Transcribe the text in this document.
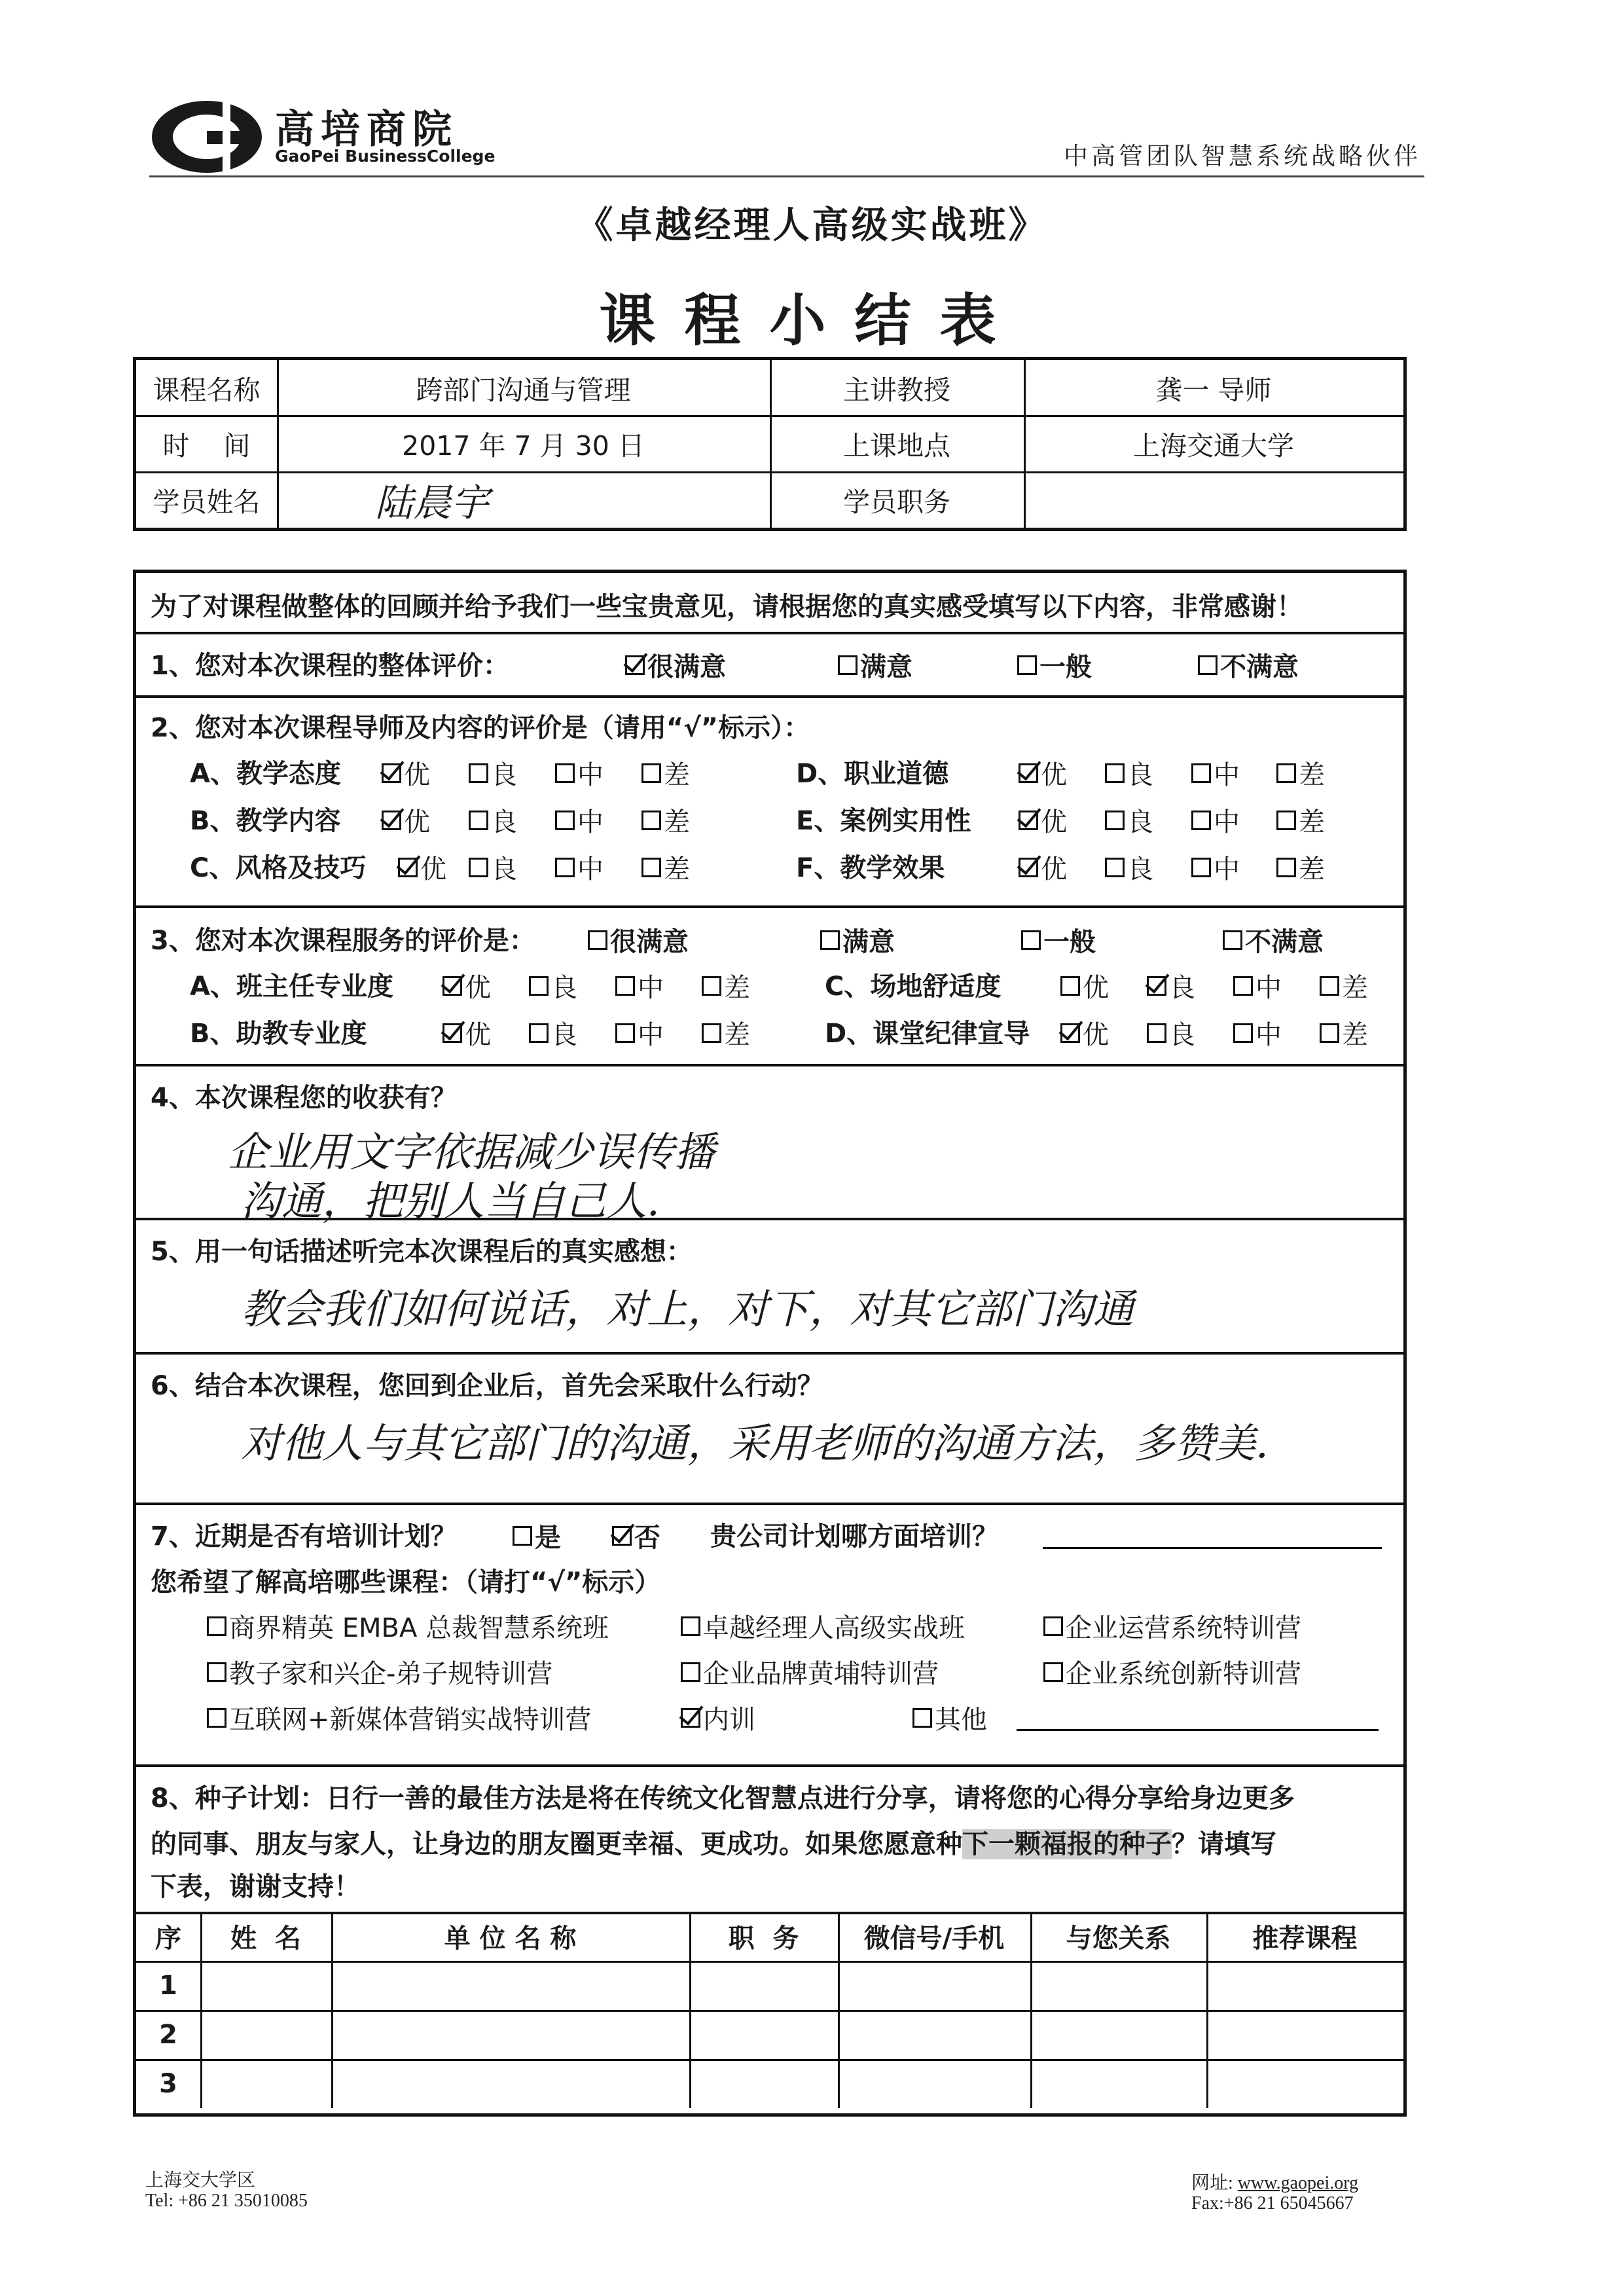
高培商院
GaoPei BusinessCollege	中高管团队智慧系统战略伙伴
《卓越经理人高级实战班》
课程小结表
课程名称	跨部门沟通与管理	主讲教授	龚一 导师
时    间	2017 年 7 月 30 日	上课地点	上海交通大学
学员姓名	陆晨宇	学员职务
为了对课程做整体的回顾并给予我们一些宝贵意见，请根据您的真实感受填写以下内容，非常感谢！
1、您对本次课程的整体评价：	很满意	满意	一般	不满意
2、您对本次课程导师及内容的评价是（请用“√”标示）：
A、教学态度 优 良 中 差	D、职业道德	优 良 中 差
B、教学内容 优 良 中 差	E、案例实用性	优 良 中 差
C、风格及技巧 优 良 中 差	F、教学效果	优 良 中 差
3、您对本次课程服务的评价是：	很满意	满意	一般	不满意
A、班主任专业度	优 良 中 差	C、场地舒适度	优 良 中 差
B、助教专业度	优 良 中 差	D、课堂纪律宣导 优 良 中 差
4、本次课程您的收获有？
企业用文字依据减少误传播
沟通，把别人当自己人.
5、用一句话描述听完本次课程后的真实感想：
教会我们如何说话，对上，对下，对其它部门沟通
6、结合本次课程，您回到企业后，首先会采取什么行动？
对他人与其它部门的沟通，采用老师的沟通方法，多赞美.
7、近期是否有培训计划？	是	否 贵公司计划哪方面培训？
您希望了解高培哪些课程：（请打“√”标示）
商界精英 EMBA 总裁智慧系统班	卓越经理人高级实战班	企业运营系统特训营
教子家和兴企-弟子规特训营	企业品牌黄埔特训营	企业系统创新特训营
互联网+新媒体营销实战特训营	内训	其他
8、种子计划：日行一善的最佳方法是将在传统文化智慧点进行分享，请将您的心得分享给身边更多
的同事、朋友与家人，让身边的朋友圈更幸福、更成功。如果您愿意种下一颗福报的种子？请填写
下表，谢谢支持！
序	姓  名	单 位 名 称	职  务	微信号/手机	与您关系	推荐课程
1
2
3
上海交大学区
Tel: +86 21 35010085
网址: www.gaopei.org
Fax:+86 21 65045667
